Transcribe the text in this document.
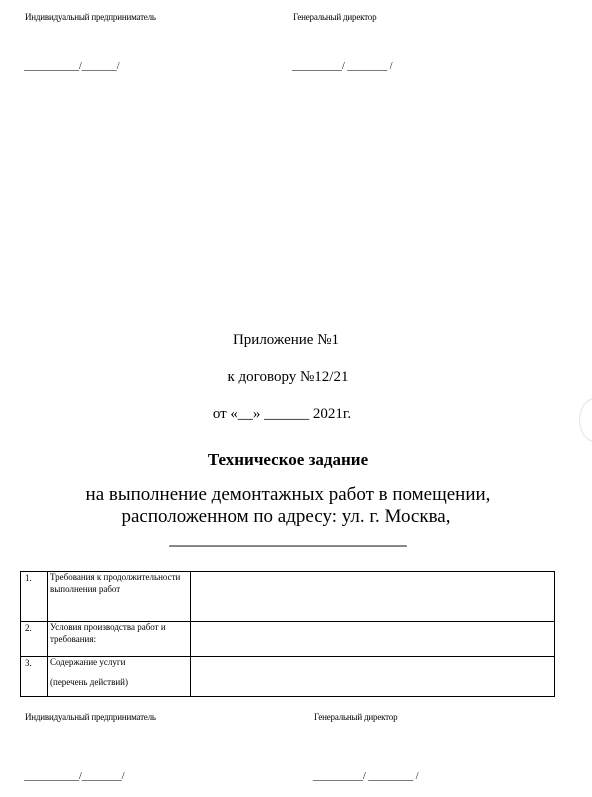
Индивидуальный предприниматель	Генеральный директор
___________/_______/	__________/ ________ /
Приложение №1
к договору №12/21
от «__» ______ 2021г.
Техническое задание
на выполнение демонтажных работ в помещении,
расположенном по адресу: ул. г. Москва,
_________________________
1.	Требования к продолжительности выполнения работ	
2.	Условия производства работ и требования:	
3.	Содержание услуги
(перечень действий)	

Индивидуальный предприниматель	Генеральный директор
___________/________/	__________/ _________ /
